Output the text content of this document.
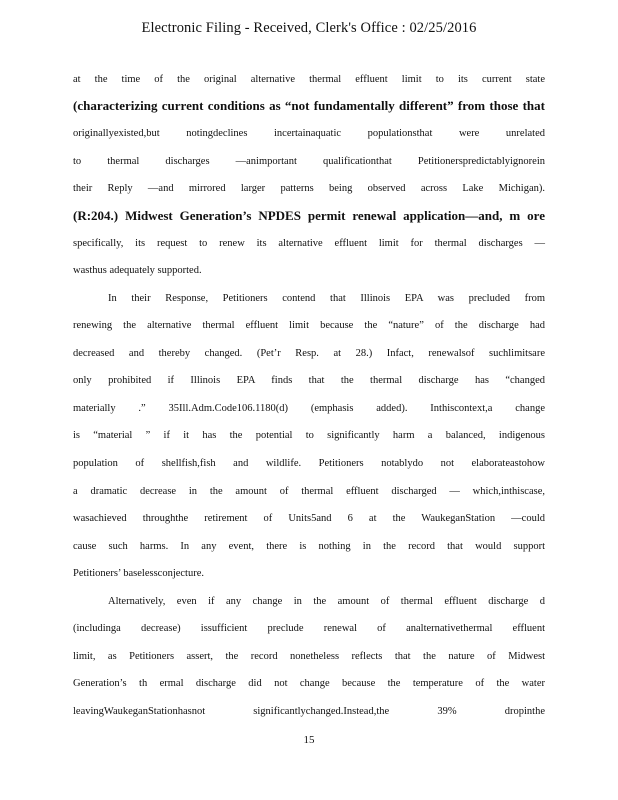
Electronic Filing - Received, Clerk's Office : 02/25/2016
at the time of the original alternative thermal effluent limit to its current state
(characterizing current conditions as “not fundamentally different” from those that
originallyexisted,but notingdeclines incertainaquatic populationsthat were unrelated
to thermal discharges —animportant qualificationthat Petitionerspredictablyignorein
their Reply —and mirrored larger patterns being observed across Lake Michigan).
(R:204.) Midwest Generation’s NPDES permit renewal application—and, m ore
specifically, its request to renew its alternative effluent limit for thermal discharges —
wasthus adequately supported.
In their Response, Petitioners contend that Illinois EPA was precluded from
renewing the alternative thermal effluent limit because the “nature” of the discharge had
decreased and thereby changed. (Pet’r Resp. at 28.) Infact, renewalsof suchlimitsare
only prohibited if Illinois EPA finds that the thermal discharge has “changed
materially .” 35Ill.Adm.Code106.1180(d) (emphasis added). Inthiscontext,a change
is “material ” if it has the potential to significantly harm a balanced, indigenous
population of shellfish,fish and wildlife. Petitioners notablydo not elaborateastohow
a dramatic decrease in the amount of thermal effluent discharged — which,inthiscase,
wasachieved throughthe retirement of Units5and 6 at the WaukeganStation —could
cause such harms. In any event, there is nothing in the record that would support
Petitioners’ baselessconjecture.
Alternatively, even if any change in the amount of thermal effluent discharge d
(includinga decrease) issufficient preclude renewal of analternativethermal effluent
limit, as Petitioners assert, the record nonetheless reflects that the nature of Midwest
Generation’s th ermal discharge did not change because the temperature of the water
leavingWaukeganStationhasnot significantlychanged.Instead,the 39% dropinthe
15
